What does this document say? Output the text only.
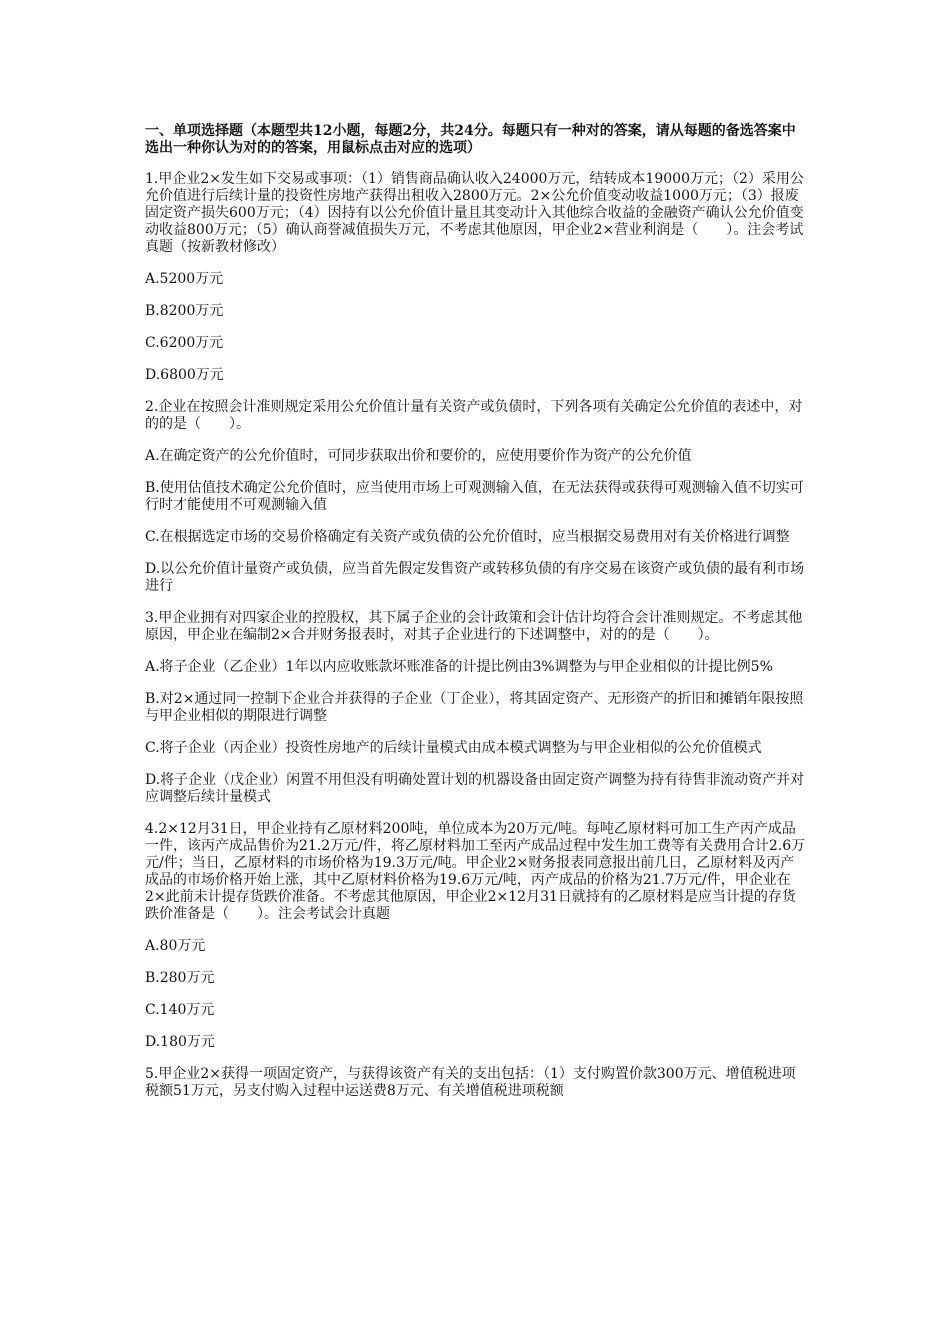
一、单项选择题（本题型共12小题，每题2分，共24分。每题只有一种对的答案，请从每题的备选答案中选出一种你认为对的的答案，用鼠标点击对应的选项）

1.甲企业2×发生如下交易或事项：（1）销售商品确认收入24000万元，结转成本19000万元；（2）采用公允价值进行后续计量的投资性房地产获得出租收入2800万元。2×公允价值变动收益1000万元；（3）报废固定资产损失600万元；（4）因持有以公允价值计量且其变动计入其他综合收益的金融资产确认公允价值变动收益800万元；（5）确认商誉减值损失万元，不考虑其他原因，甲企业2×营业利润是（　　）。注会考试真题（按新教材修改）

A.5200万元

B.8200万元

C.6200万元

D.6800万元

2.企业在按照会计准则规定采用公允价值计量有关资产或负债时，下列各项有关确定公允价值的表述中，对的的是（　　）。

A.在确定资产的公允价值时，可同步获取出价和要价的，应使用要价作为资产的公允价值

B.使用估值技术确定公允价值时，应当使用市场上可观测输入值，在无法获得或获得可观测输入值不切实可行时才能使用不可观测输入值

C.在根据选定市场的交易价格确定有关资产或负债的公允价值时，应当根据交易费用对有关价格进行调整

D.以公允价值计量资产或负债，应当首先假定发售资产或转移负债的有序交易在该资产或负债的最有利市场进行

3.甲企业拥有对四家企业的控股权，其下属子企业的会计政策和会计估计均符合会计准则规定。不考虑其他原因，甲企业在编制2×合并财务报表时，对其子企业进行的下述调整中，对的的是（　　）。

A.将子企业（乙企业）1年以内应收账款坏账准备的计提比例由3%调整为与甲企业相似的计提比例5%

B.对2×通过同一控制下企业合并获得的子企业（丁企业），将其固定资产、无形资产的折旧和摊销年限按照与甲企业相似的期限进行调整

C.将子企业（丙企业）投资性房地产的后续计量模式由成本模式调整为与甲企业相似的公允价值模式

D.将子企业（戊企业）闲置不用但没有明确处置计划的机器设备由固定资产调整为持有待售非流动资产并对应调整后续计量模式

4.2×12月31日，甲企业持有乙原材料200吨，单位成本为20万元/吨。每吨乙原材料可加工生产丙产成品一件，该丙产成品售价为21.2万元/件，将乙原材料加工至丙产成品过程中发生加工费等有关费用合计2.6万元/件；当日，乙原材料的市场价格为19.3万元/吨。甲企业2×财务报表同意报出前几日，乙原材料及丙产成品的市场价格开始上涨，其中乙原材料价格为19.6万元/吨，丙产成品的价格为21.7万元/件，甲企业在2×此前未计提存货跌价准备。不考虑其他原因，甲企业2×12月31日就持有的乙原材料是应当计提的存货跌价准备是（　　）。注会考试会计真题

A.80万元

B.280万元

C.140万元

D.180万元

5.甲企业2×获得一项固定资产，与获得该资产有关的支出包括：（1）支付购置价款300万元、增值税进项税额51万元，另支付购入过程中运送费8万元、有关增值税进项税额
